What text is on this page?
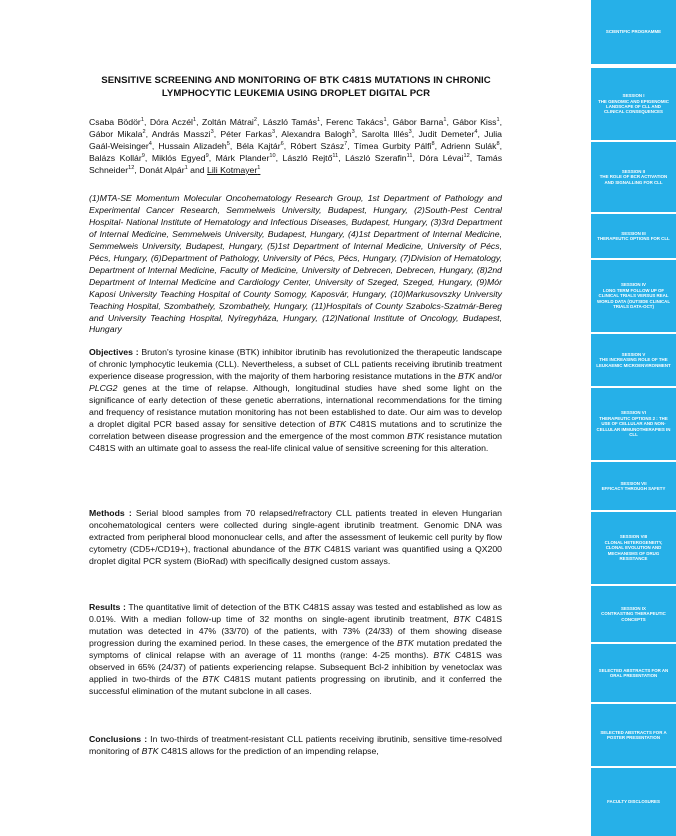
SENSITIVE SCREENING AND MONITORING OF BTK C481S MUTATIONS IN CHRONIC LYMPHOCYTIC LEUKEMIA USING DROPLET DIGITAL PCR
Csaba Bödör$^1$, Dóra Aczél$^1$, Zoltán Mátrai$^2$, László Tamás$^1$, Ferenc Takács$^1$, Gábor Barna$^1$, Gábor Kiss$^1$, Gábor Mikala$^2$, András Masszi$^3$, Péter Farkas$^3$, Alexandra Balogh$^3$, Sarolta Illés$^3$, Judit Demeter$^4$, Julia Gaál-Weisinger$^4$, Hussain Alizadeh$^5$, Béla Kajtár$^6$, Róbert Szász$^7$, Tímea Gurbity Pálfi$^8$, Adrienn Sulák$^8$, Balázs Kollár$^9$, Miklós Egyed$^9$, Márk Plander$^{10}$, László Rejtő$^{11}$, László Szerafin$^{11}$, Dóra Lévai$^{12}$, Tamás Schneider$^{12}$, Donát Alpár$^1$ and Lili Kotmayer$^1$
(1)MTA-SE Momentum Molecular Oncohematology Research Group, 1st Department of Pathology and Experimental Cancer Research, Semmelweis University, Budapest, Hungary, (2)South-Pest Central Hospital- National Institute of Hematology and Infectious Diseases, Budapest, Hungary, (3)3rd Department of Internal Medicine, Semmelweis University, Budapest, Hungary, (4)1st Department of Internal Medicine, Semmelweis University, Budapest, Hungary, (5)1st Department of Internal Medicine, University of Pécs, Pécs, Hungary, (6)Department of Pathology, University of Pécs, Pécs, Hungary, (7)Division of Hematology, Department of Internal Medicine, Faculty of Medicine, University of Debrecen, Debrecen, Hungary, (8)2nd Department of Internal Medicine and Cardiology Center, University of Szeged, Szeged, Hungary, (9)Mór Kaposi University Teaching Hospital of County Somogy, Kaposvár, Hungary, (10)Markusovszky University Teaching Hospital, Szombathely, Szombathely, Hungary, (11)Hospitals of County Szabolcs-Szatmár-Bereg and University Teaching Hospital, Nyíregyháza, Hungary, (12)National Institute of Oncology, Budapest, Hungary
Objectives : Bruton's tyrosine kinase (BTK) inhibitor ibrutinib has revolutionized the therapeutic landscape of chronic lymphocytic leukemia (CLL). Nevertheless, a subset of CLL patients receiving ibrutinib treatment experience disease progression, with the majority of them harboring resistance mutations in the BTK and/or PLCG2 genes at the time of relapse. Although, longitudinal studies have shed some light on the significance of early detection of these genetic aberrations, international recommendations for the timing and frequency of resistance mutation monitoring has not been established to date. Our aim was to develop a droplet digital PCR based assay for sensitive detection of BTK C481S mutations and to scrutinize the correlation between disease progression and the emergence of the most common BTK resistance mutation C481S with an ultimate goal to assess the real-life clinical value of sensitive screening for this alteration.
Methods : Serial blood samples from 70 relapsed/refractory CLL patients treated in eleven Hungarian oncohematological centers were collected during single-agent ibrutinib treatment. Genomic DNA was extracted from peripheral blood mononuclear cells, and after the assessment of leukemic cell purity by flow cytometry (CD5+/CD19+), fractional abundance of the BTK C481S variant was quantified using a QX200 droplet digital PCR system (BioRad) with specifically designed custom assays.
Results : The quantitative limit of detection of the BTK C481S assay was tested and established as low as 0.01%. With a median follow-up time of 32 months on single-agent ibrutinib treatment, BTK C481S mutation was detected in 47% (33/70) of the patients, with 73% (24/33) of them showing disease progression during the examined period. In these cases, the emergence of the BTK mutation predated the symptoms of clinical relapse with an average of 11 months (range: 4-25 months). BTK C481S was observed in 65% (24/37) of patients experiencing relapse. Subsequent Bcl-2 inhibition by venetoclax was applied in two-thirds of the BTK C481S mutant patients progressing on ibrutinib, and it conferred the successful elimination of the mutant subclone in all cases.
Conclusions : In two-thirds of treatment-resistant CLL patients receiving ibrutinib, sensitive time-resolved monitoring of BTK C481S allows for the prediction of an impending relapse,
SCIENTIFIC PROGRAMME
SESSION I
THE GENOMIC AND EPIGENOMIC LANDSCAPE OF CLL AND CLINICAL CONSEQUENCES
SESSION II
THE ROLE OF BCR ACTIVATION AND SIGNALLING FOR CLL
SESSION III
THERAPEUTIC OPTIONS FOR CLL
SESSION IV
LONG TERM FOLLOW UP OF CLINICAL TRIALS VERSUS REAL WORLD DATA (OUTSIDE CLINICAL TRIALS DATA-OCT)
SESSION V
THE INCREASING ROLE OF THE LEUKAEMIC MICROENVIRONMENT
SESSION VI
THERAPEUTIC OPTIONS 2 : THE USE OF CELLULAR AND NON-CELLULAR IMMUNOTHERAPIES IN CLL
SESSION VII
EFFICACY THROUGH SAFETY
SESSION VIII
CLONAL HETEROGENEITY, CLONAL EVOLUTION AND MECHANISMS OF DRUG RESISTANCE
SESSION IX
CONTRASTING THERAPEUTIC CONCEPTS
SELECTED ABSTRACTS FOR AN ORAL PRESENTATION
SELECTED ABSTRACTS FOR A POSTER PRESENTATION
FACULTY DISCLOSURES
